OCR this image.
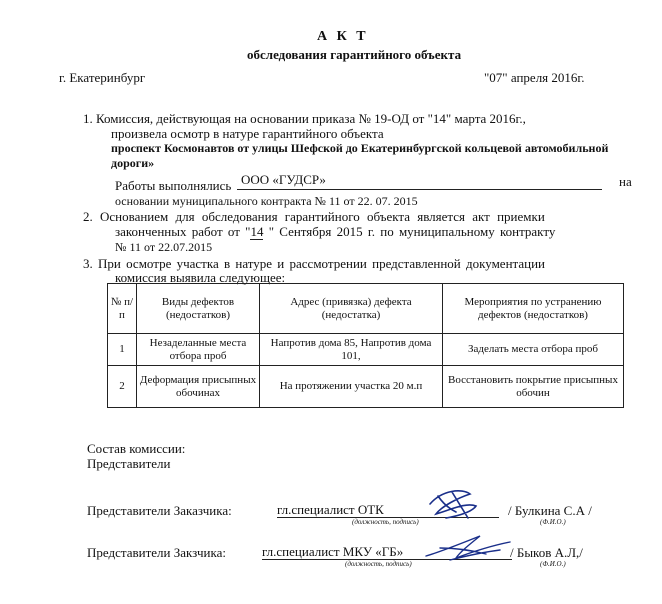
А К Т
обследования гарантийного объекта
г. Екатеринбург	"07" апреля 2016г.
1. Комиссия, действующая на основании приказа № 19-ОД от "14" марта 2016г.,
произвела осмотр в натуре гарантийного объекта
проспект Космонавтов от улицы Шефской до Екатеринбургской кольцевой автомобильной
дороги»
Работы выполнялись ООО «ГУДСР»	на
основании муниципального контракта № 11 от 22. 07. 2015
2. Основанием для обследования гарантийного объекта является акт приемки
законченных работ от "14 " Сентября 2015 г. по муниципальному контракту
№ 11 от 22.07.2015
3. При осмотре участка в натуре и рассмотрении представленной документации
комиссия выявила следующее:
№ п/п	Виды дефектов (недостатков)	Адрес (привязка) дефекта (недостатка)	Мероприятия по устранению дефектов (недостатков)
1	Незаделанные места отбора проб	Напротив дома 85, Напротив дома 101,	Заделать места отбора проб
2	Деформация присыпных обочинах	На протяжении участка 20 м.п	Восстановить покрытие присыпных обочин
Состав комиссии:
Представители
Представители Заказчика:	гл.специалист ОТК
(должность, подпись)
/ Булкина С.А /
(Ф.И.О.)
Представители Закзчика:	гл.специалист МКУ «ГБ»
(должность, подпись)
/ Быков А.Л,/
(Ф.И.О.)
